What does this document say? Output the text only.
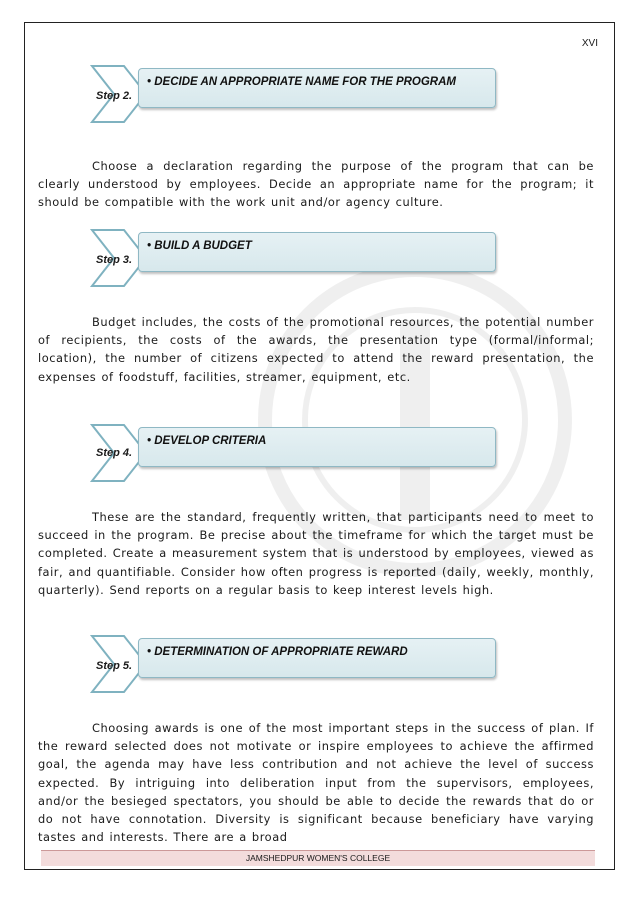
XVI
• DECIDE AN APPROPRIATE NAME FOR THE PROGRAM
Step 2.

Choose a declaration regarding the purpose of the program that can be clearly understood by employees. Decide an appropriate name for the program; it should be compatible with the work unit and/or agency culture.

• BUILD A BUDGET
Step 3.

Budget includes, the costs of the promotional resources, the potential number of recipients, the costs of the awards, the presentation type (formal/informal; location), the number of citizens expected to attend the reward presentation, the expenses of foodstuff, facilities, streamer, equipment, etc.

• DEVELOP CRITERIA
Step 4.

These are the standard, frequently written, that participants need to meet to succeed in the program. Be precise about the timeframe for which the target must be completed. Create a measurement system that is understood by employees, viewed as fair, and quantifiable. Consider how often progress is reported (daily, weekly, monthly, quarterly). Send reports on a regular basis to keep interest levels high.

• DETERMINATION OF APPROPRIATE REWARD
Step 5.

Choosing awards is one of the most important steps in the success of plan. If the reward selected does not motivate or inspire employees to achieve the affirmed goal, the agenda may have less contribution and not achieve the level of success expected. By intriguing into deliberation input from the supervisors, employees, and/or the besieged spectators, you should be able to decide the rewards that do or do not have connotation. Diversity is significant because beneficiary have varying tastes and interests. There are a broad

JAMSHEDPUR WOMEN'S COLLEGE
